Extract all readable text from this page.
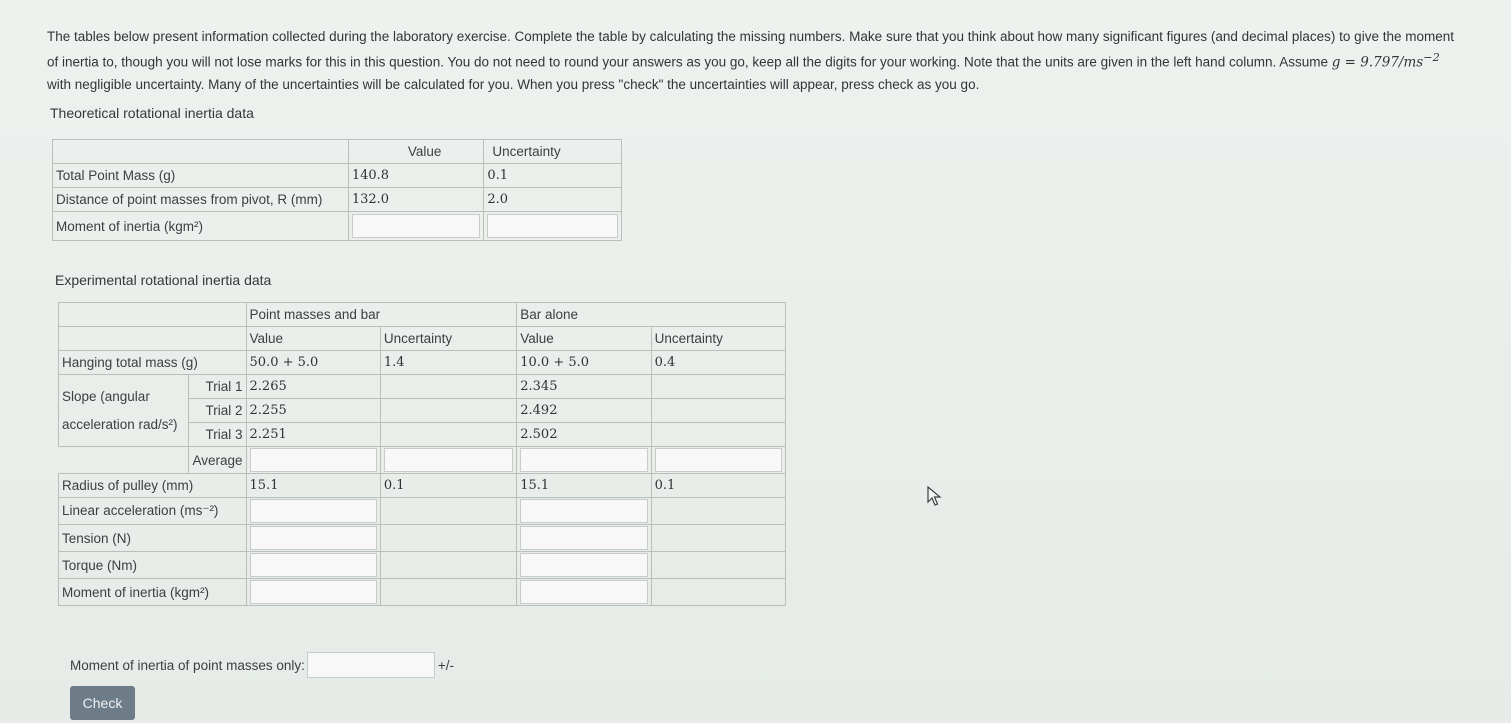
The tables below present information collected during the laboratory exercise. Complete the table by calculating the missing numbers. Make sure that you think about how many significant figures (and decimal places) to give the moment of inertia to, though you will not lose marks for this in this question. You do not need to round your answers as you go, keep all the digits for your working. Note that the units are given in the left hand column. Assume $g = 9.797/ms^{-2}$ with negligible uncertainty. Many of the uncertainties will be calculated for you. When you press "check" the uncertainties will appear, press check as you go.
Theoretical rotational inertia data
	Value	Uncertainty
Total Point Mass (g)	140.8	0.1
Distance of point masses from pivot, R (mm)	132.0	2.0
Moment of inertia (kgm²)	

Experimental rotational inertia data
		Point masses and bar		Bar alone	
		Value	Uncertainty	Value	Uncertainty
Hanging total mass (g)		50.0 + 5.0	1.4	10.0 + 5.0	0.4
Slope (angular
acceleration rad/s²)	Trial 1	2.265		2.345	
	Trial 2	2.255		2.492	
	Trial 3	2.251		2.502	
	Average	

Radius of pulley (mm)		15.1	0.1	15.1	0.1
Linear acceleration (ms⁻²)		

Tension (N)		

Torque (Nm)		

Moment of inertia (kgm²)		

Moment of inertia of point masses only:	+/-
Check
